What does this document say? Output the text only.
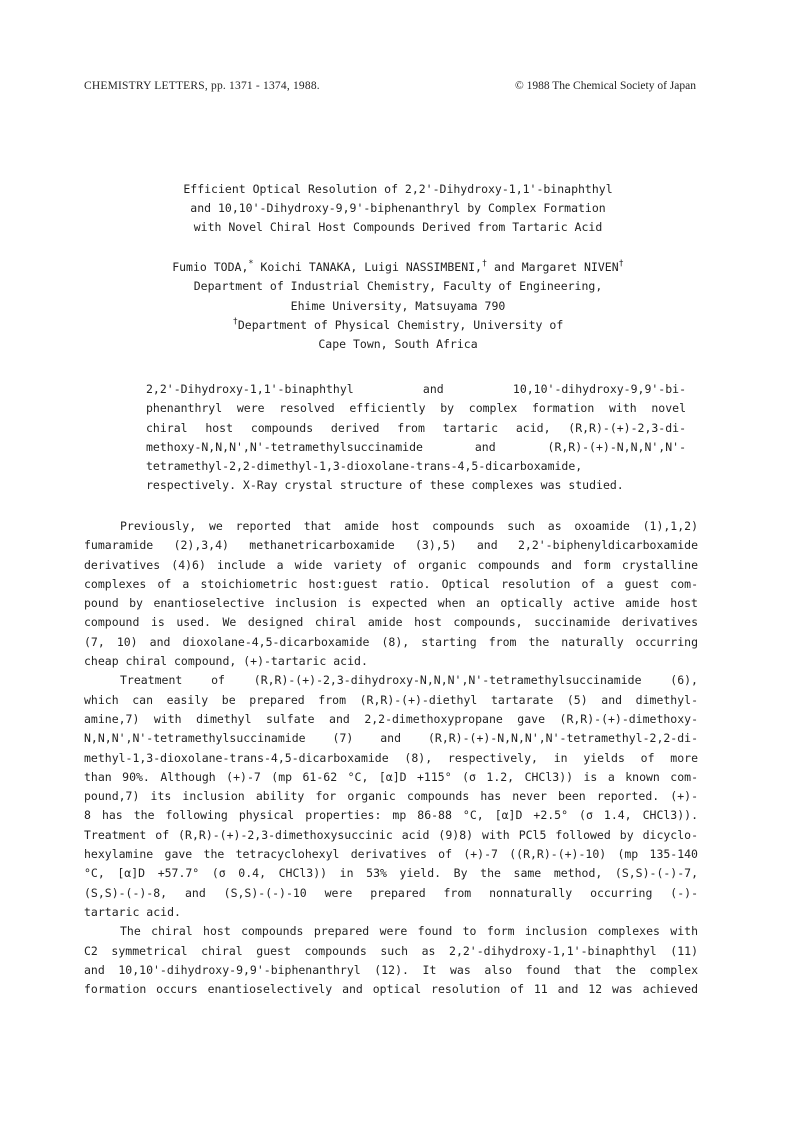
CHEMISTRY LETTERS, pp. 1371 - 1374, 1988.	© 1988 The Chemical Society of Japan
Efficient Optical Resolution of 2,2'-Dihydroxy-1,1'-binaphthyl
and 10,10'-Dihydroxy-9,9'-biphenanthryl by Complex Formation
with Novel Chiral Host Compounds Derived from Tartaric Acid
Fumio TODA,* Koichi TANAKA, Luigi NASSIMBENI,† and Margaret NIVEN†
Department of Industrial Chemistry, Faculty of Engineering,
Ehime University, Matsuyama 790
†Department of Physical Chemistry, University of
Cape Town, South Africa
2,2'-Dihydroxy-1,1'-binaphthyl and 10,10'-dihydroxy-9,9'-bi-
phenanthryl were resolved efficiently by complex formation with novel
chiral host compounds derived from tartaric acid, (R,R)-(+)-2,3-di-
methoxy-N,N,N',N'-tetramethylsuccinamide and (R,R)-(+)-N,N,N',N'-
tetramethyl-2,2-dimethyl-1,3-dioxolane-trans-4,5-dicarboxamide,
respectively. X-Ray crystal structure of these complexes was studied.
Previously, we reported that amide host compounds such as oxoamide (1),1,2)
fumaramide (2),3,4) methanetricarboxamide (3),5) and 2,2'-biphenyldicarboxamide
derivatives (4)6) include a wide variety of organic compounds and form crystalline
complexes of a stoichiometric host:guest ratio. Optical resolution of a guest com-
pound by enantioselective inclusion is expected when an optically active amide host
compound is used. We designed chiral amide host compounds, succinamide derivatives
(7, 10) and dioxolane-4,5-dicarboxamide (8), starting from the naturally occurring
cheap chiral compound, (+)-tartaric acid.
Treatment of (R,R)-(+)-2,3-dihydroxy-N,N,N',N'-tetramethylsuccinamide (6),
which can easily be prepared from (R,R)-(+)-diethyl tartarate (5) and dimethyl-
amine,7) with dimethyl sulfate and 2,2-dimethoxypropane gave (R,R)-(+)-dimethoxy-
N,N,N',N'-tetramethylsuccinamide (7) and (R,R)-(+)-N,N,N',N'-tetramethyl-2,2-di-
methyl-1,3-dioxolane-trans-4,5-dicarboxamide (8), respectively, in yields of more
than 90%. Although (+)-7 (mp 61-62 °C, [α]D +115° (σ 1.2, CHCl3)) is a known com-
pound,7) its inclusion ability for organic compounds has never been reported. (+)-
8 has the following physical properties: mp 86-88 °C, [α]D +2.5° (σ 1.4, CHCl3)).
Treatment of (R,R)-(+)-2,3-dimethoxysuccinic acid (9)8) with PCl5 followed by dicyclo-
hexylamine gave the tetracyclohexyl derivatives of (+)-7 ((R,R)-(+)-10) (mp 135-140
°C, [α]D +57.7° (σ 0.4, CHCl3)) in 53% yield. By the same method, (S,S)-(-)-7,
(S,S)-(-)-8, and (S,S)-(-)-10 were prepared from nonnaturally occurring (-)-
tartaric acid.
The chiral host compounds prepared were found to form inclusion complexes with
C2 symmetrical chiral guest compounds such as 2,2'-dihydroxy-1,1'-binaphthyl (11)
and 10,10'-dihydroxy-9,9'-biphenanthryl (12). It was also found that the complex
formation occurs enantioselectively and optical resolution of 11 and 12 was achieved
